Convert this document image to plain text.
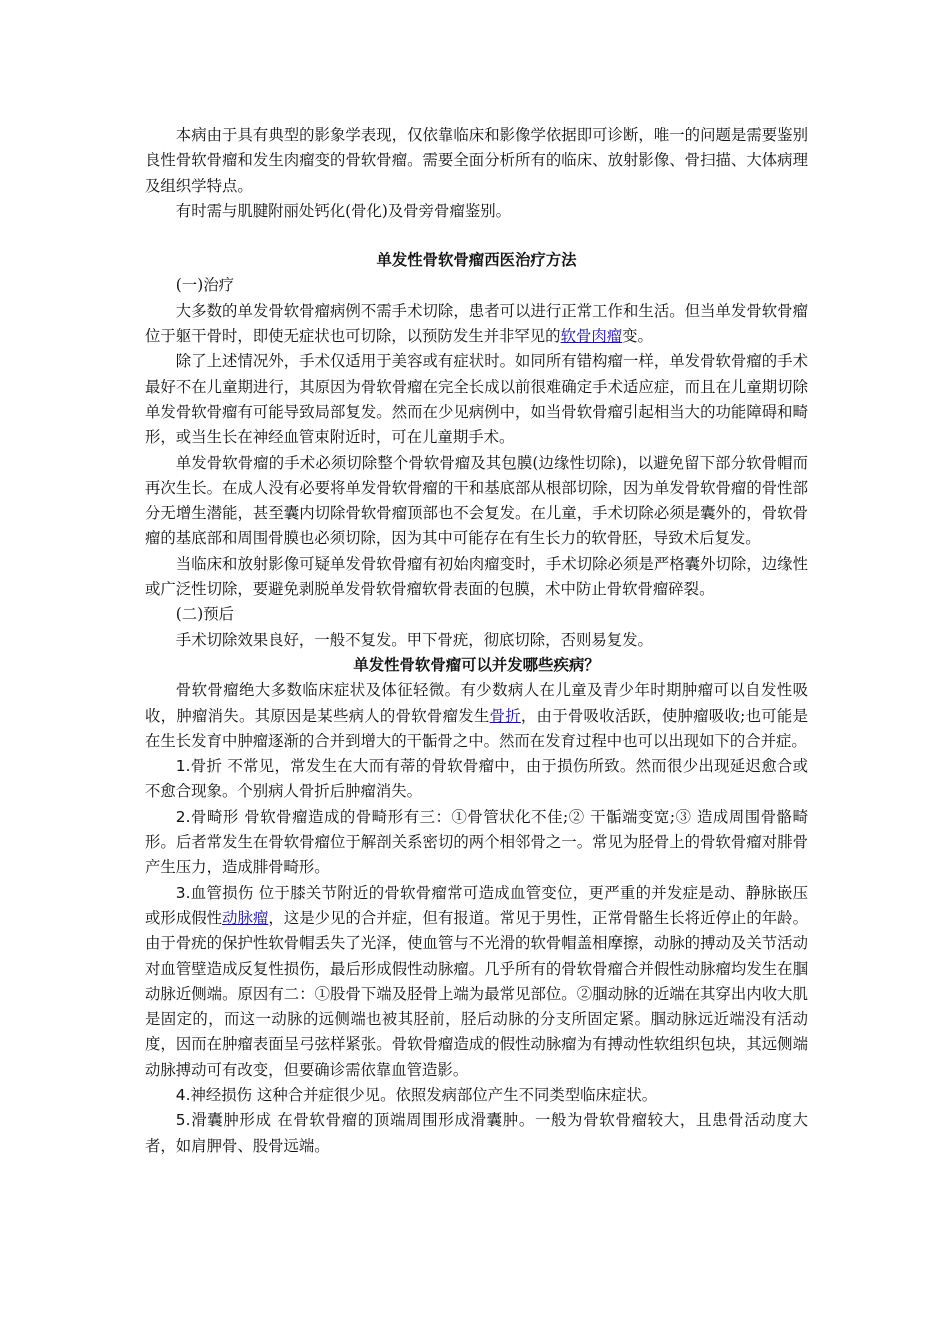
本病由于具有典型的影象学表现，仅依靠临床和影像学依据即可诊断，唯一的问题是需要鉴别良性骨软骨瘤和发生肉瘤变的骨软骨瘤。需要全面分析所有的临床、放射影像、骨扫描、大体病理及组织学特点。

有时需与肌腱附丽处钙化(骨化)及骨旁骨瘤鉴别。

单发性骨软骨瘤西医治疗方法

(一)治疗

大多数的单发骨软骨瘤病例不需手术切除，患者可以进行正常工作和生活。但当单发骨软骨瘤位于躯干骨时，即使无症状也可切除，以预防发生并非罕见的软骨肉瘤变。

除了上述情况外，手术仅适用于美容或有症状时。如同所有错构瘤一样，单发骨软骨瘤的手术最好不在儿童期进行，其原因为骨软骨瘤在完全长成以前很难确定手术适应症，而且在儿童期切除单发骨软骨瘤有可能导致局部复发。然而在少见病例中，如当骨软骨瘤引起相当大的功能障碍和畸形，或当生长在神经血管束附近时，可在儿童期手术。

单发骨软骨瘤的手术必须切除整个骨软骨瘤及其包膜(边缘性切除)，以避免留下部分软骨帽而再次生长。在成人没有必要将单发骨软骨瘤的干和基底部从根部切除，因为单发骨软骨瘤的骨性部分无增生潜能，甚至囊内切除骨软骨瘤顶部也不会复发。在儿童，手术切除必须是囊外的，骨软骨瘤的基底部和周围骨膜也必须切除，因为其中可能存在有生长力的软骨胚，导致术后复发。

当临床和放射影像可疑单发骨软骨瘤有初始肉瘤变时，手术切除必须是严格囊外切除，边缘性或广泛性切除，要避免剥脱单发骨软骨瘤软骨表面的包膜，术中防止骨软骨瘤碎裂。

(二)预后

手术切除效果良好，一般不复发。甲下骨疣，彻底切除，否则易复发。

单发性骨软骨瘤可以并发哪些疾病？

骨软骨瘤绝大多数临床症状及体征轻微。有少数病人在儿童及青少年时期肿瘤可以自发性吸收，肿瘤消失。其原因是某些病人的骨软骨瘤发生骨折，由于骨吸收活跃，使肿瘤吸收;也可能是在生长发育中肿瘤逐渐的合并到增大的干骺骨之中。然而在发育过程中也可以出现如下的合并症。

1.骨折 不常见，常发生在大而有蒂的骨软骨瘤中，由于损伤所致。然而很少出现延迟愈合或不愈合现象。个别病人骨折后肿瘤消失。

2.骨畸形 骨软骨瘤造成的骨畸形有三：①骨管状化不佳;② 干骺端变宽;③ 造成周围骨骼畸形。后者常发生在骨软骨瘤位于解剖关系密切的两个相邻骨之一。常见为胫骨上的骨软骨瘤对腓骨产生压力，造成腓骨畸形。

3.血管损伤 位于膝关节附近的骨软骨瘤常可造成血管变位，更严重的并发症是动、静脉嵌压或形成假性动脉瘤，这是少见的合并症，但有报道。常见于男性，正常骨骼生长将近停止的年龄。由于骨疣的保护性软骨帽丢失了光泽，使血管与不光滑的软骨帽盖相摩擦，动脉的搏动及关节活动对血管壁造成反复性损伤，最后形成假性动脉瘤。几乎所有的骨软骨瘤合并假性动脉瘤均发生在腘动脉近侧端。原因有二：①股骨下端及胫骨上端为最常见部位。②腘动脉的近端在其穿出内收大肌是固定的，而这一动脉的远侧端也被其胫前，胫后动脉的分支所固定紧。腘动脉远近端没有活动度，因而在肿瘤表面呈弓弦样紧张。骨软骨瘤造成的假性动脉瘤为有搏动性软组织包块，其远侧端动脉搏动可有改变，但要确诊需依靠血管造影。

4.神经损伤 这种合并症很少见。依照发病部位产生不同类型临床症状。

5.滑囊肿形成 在骨软骨瘤的顶端周围形成滑囊肿。一般为骨软骨瘤较大，且患骨活动度大者，如肩胛骨、股骨远端。
